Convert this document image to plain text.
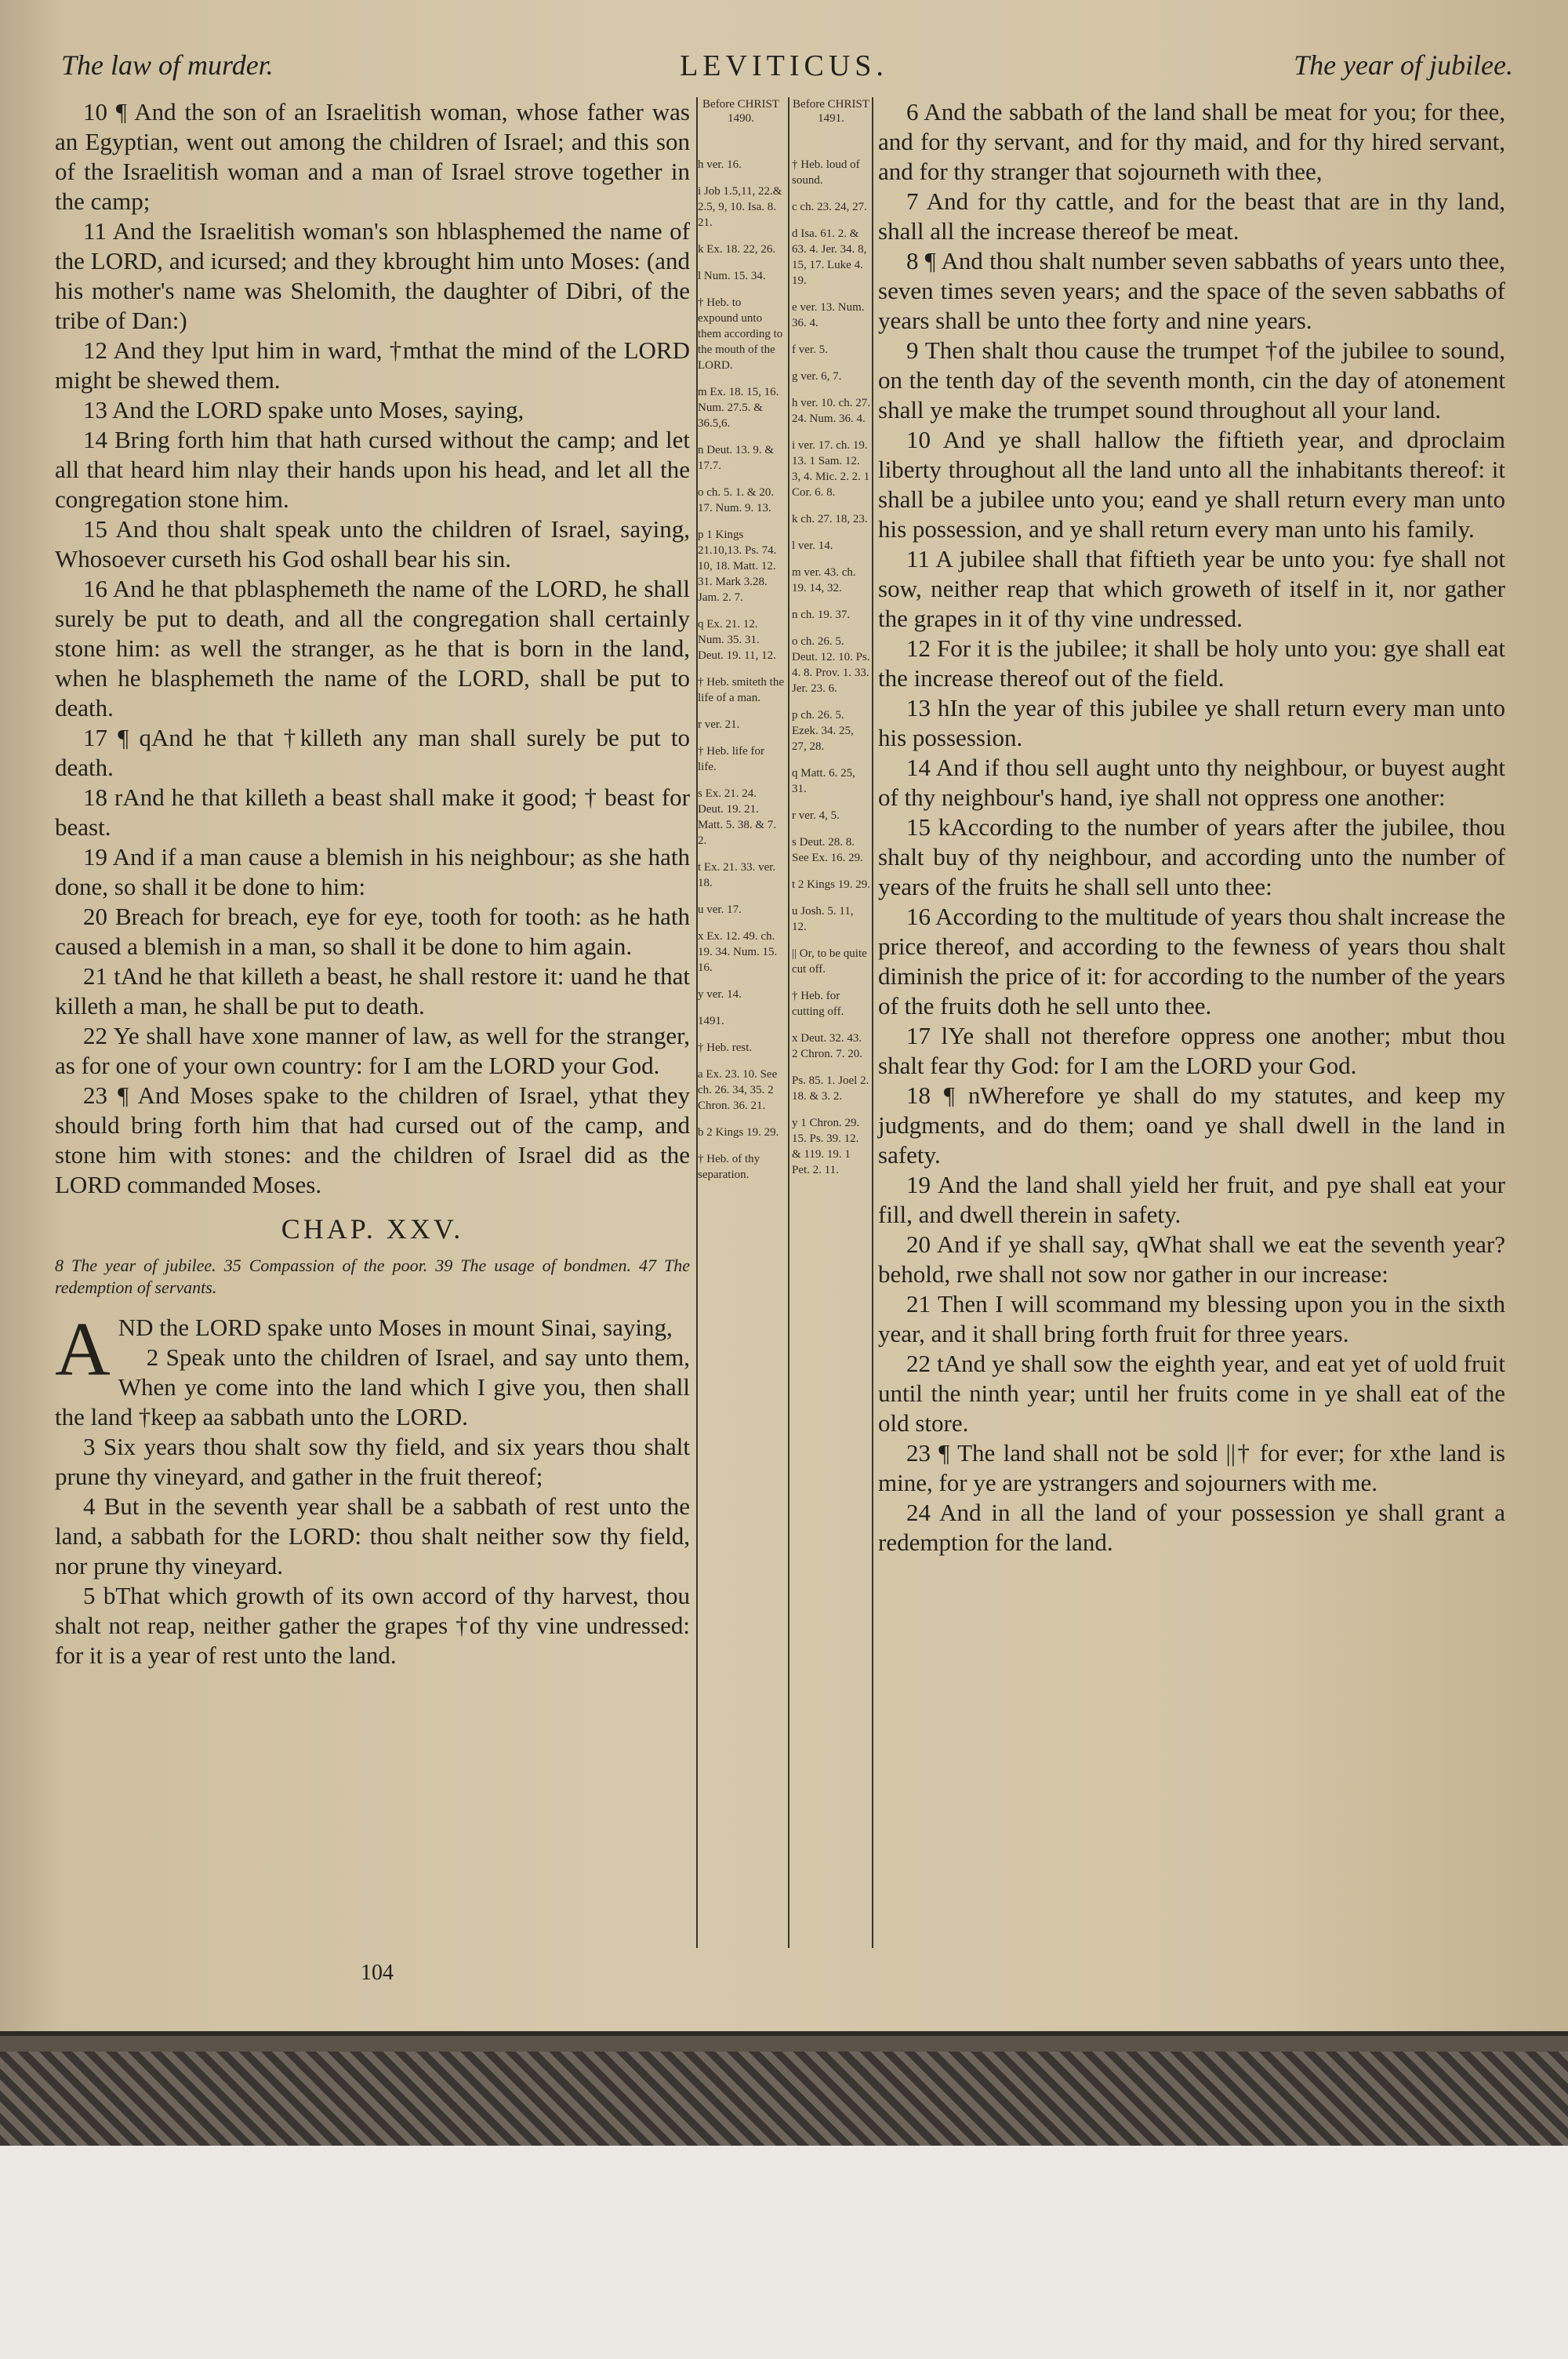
The law of murder.	LEVITICUS.	The year of jubilee.

10 ¶ And the son of an Israelitish woman, whose father was an Egyptian, went out among the children of Israel; and this son of the Israelitish woman and a man of Israel strove together in the camp;

11 And the Israelitish woman's son hblasphemed the name of the LORD, and icursed; and they kbrought him unto Moses: (and his mother's name was Shelomith, the daughter of Dibri, of the tribe of Dan:)

12 And they lput him in ward, †mthat the mind of the LORD might be shewed them.

13 And the LORD spake unto Moses, saying,

14 Bring forth him that hath cursed without the camp; and let all that heard him nlay their hands upon his head, and let all the congregation stone him.

15 And thou shalt speak unto the children of Israel, saying, Whosoever curseth his God oshall bear his sin.

16 And he that pblasphemeth the name of the LORD, he shall surely be put to death, and all the congregation shall certainly stone him: as well the stranger, as he that is born in the land, when he blasphemeth the name of the LORD, shall be put to death.

17 ¶ qAnd he that †killeth any man shall surely be put to death.

18 rAnd he that killeth a beast shall make it good; † beast for beast.

19 And if a man cause a blemish in his neighbour; as she hath done, so shall it be done to him:

20 Breach for breach, eye for eye, tooth for tooth: as he hath caused a blemish in a man, so shall it be done to him again.

21 tAnd he that killeth a beast, he shall restore it: uand he that killeth a man, he shall be put to death.

22 Ye shall have xone manner of law, as well for the stranger, as for one of your own country: for I am the LORD your God.

23 ¶ And Moses spake to the children of Israel, ythat they should bring forth him that had cursed out of the camp, and stone him with stones: and the children of Israel did as the LORD commanded Moses.

CHAP. XXV.
8 The year of jubilee. 35 Compassion of the poor. 39 The usage of bondmen. 47 The redemption of servants.

AND the LORD spake unto Moses in mount Sinai, saying,

2 Speak unto the children of Israel, and say unto them, When ye come into the land which I give you, then shall the land †keep aa sabbath unto the LORD.

3 Six years thou shalt sow thy field, and six years thou shalt prune thy vineyard, and gather in the fruit thereof;

4 But in the seventh year shall be a sabbath of rest unto the land, a sabbath for the LORD: thou shalt neither sow thy field, nor prune thy vineyard.

5 bThat which growth of its own accord of thy harvest, thou shalt not reap, neither gather the grapes †of thy vine undressed: for it is a year of rest unto the land.

Before CHRIST 1490.
h ver. 16.
i Job 1.5,11, 22.& 2.5, 9, 10. Isa. 8. 21.
k Ex. 18. 22, 26.
l Num. 15. 34.
† Heb. to expound unto them according to the mouth of the LORD.
m Ex. 18. 15, 16. Num. 27.5. & 36.5,6.
n Deut. 13. 9. & 17.7.
o ch. 5. 1. & 20. 17. Num. 9. 13.
p 1 Kings 21.10,13. Ps. 74. 10, 18. Matt. 12. 31. Mark 3.28. Jam. 2. 7.
q Ex. 21. 12. Num. 35. 31. Deut. 19. 11, 12.
† Heb. smiteth the life of a man.
r ver. 21.
† Heb. life for life.
s Ex. 21. 24. Deut. 19. 21. Matt. 5. 38. & 7. 2.
t Ex. 21. 33. ver. 18.
u ver. 17.
x Ex. 12. 49. ch. 19. 34. Num. 15. 16.
y ver. 14.
1491.
† Heb. rest.
a Ex. 23. 10. See ch. 26. 34, 35. 2 Chron. 36. 21.
b 2 Kings 19. 29.
† Heb. of thy separation.
Before CHRIST 1491.
† Heb. loud of sound.
c ch. 23. 24, 27.
d Isa. 61. 2. & 63. 4. Jer. 34. 8, 15, 17. Luke 4. 19.
e ver. 13. Num. 36. 4.
f ver. 5.
g ver. 6, 7.
h ver. 10. ch. 27. 24. Num. 36. 4.
i ver. 17. ch. 19. 13. 1 Sam. 12. 3, 4. Mic. 2. 2. 1 Cor. 6. 8.
k ch. 27. 18, 23.
l ver. 14.
m ver. 43. ch. 19. 14, 32.
n ch. 19. 37.
o ch. 26. 5. Deut. 12. 10. Ps. 4. 8. Prov. 1. 33. Jer. 23. 6.
p ch. 26. 5. Ezek. 34. 25, 27, 28.
q Matt. 6. 25, 31.
r ver. 4, 5.
s Deut. 28. 8. See Ex. 16. 29.
t 2 Kings 19. 29.
u Josh. 5. 11, 12.
|| Or, to be quite cut off.
† Heb. for cutting off.
x Deut. 32. 43. 2 Chron. 7. 20.
Ps. 85. 1. Joel 2. 18. & 3. 2.
y 1 Chron. 29. 15. Ps. 39. 12. & 119. 19. 1 Pet. 2. 11.

6 And the sabbath of the land shall be meat for you; for thee, and for thy servant, and for thy maid, and for thy hired servant, and for thy stranger that sojourneth with thee,

7 And for thy cattle, and for the beast that are in thy land, shall all the increase thereof be meat.

8 ¶ And thou shalt number seven sabbaths of years unto thee, seven times seven years; and the space of the seven sabbaths of years shall be unto thee forty and nine years.

9 Then shalt thou cause the trumpet †of the jubilee to sound, on the tenth day of the seventh month, cin the day of atonement shall ye make the trumpet sound throughout all your land.

10 And ye shall hallow the fiftieth year, and dproclaim liberty throughout all the land unto all the inhabitants thereof: it shall be a jubilee unto you; eand ye shall return every man unto his possession, and ye shall return every man unto his family.

11 A jubilee shall that fiftieth year be unto you: fye shall not sow, neither reap that which groweth of itself in it, nor gather the grapes in it of thy vine undressed.

12 For it is the jubilee; it shall be holy unto you: gye shall eat the increase thereof out of the field.

13 hIn the year of this jubilee ye shall return every man unto his possession.

14 And if thou sell aught unto thy neighbour, or buyest aught of thy neighbour's hand, iye shall not oppress one another:

15 kAccording to the number of years after the jubilee, thou shalt buy of thy neighbour, and according unto the number of years of the fruits he shall sell unto thee:

16 According to the multitude of years thou shalt increase the price thereof, and according to the fewness of years thou shalt diminish the price of it: for according to the number of the years of the fruits doth he sell unto thee.

17 lYe shall not therefore oppress one another; mbut thou shalt fear thy God: for I am the LORD your God.

18 ¶ nWherefore ye shall do my statutes, and keep my judgments, and do them; oand ye shall dwell in the land in safety.

19 And the land shall yield her fruit, and pye shall eat your fill, and dwell therein in safety.

20 And if ye shall say, qWhat shall we eat the seventh year? behold, rwe shall not sow nor gather in our increase:

21 Then I will scommand my blessing upon you in the sixth year, and it shall bring forth fruit for three years.

22 tAnd ye shall sow the eighth year, and eat yet of uold fruit until the ninth year; until her fruits come in ye shall eat of the old store.

23 ¶ The land shall not be sold ||† for ever; for xthe land is mine, for ye are ystrangers and sojourners with me.

24 And in all the land of your possession ye shall grant a redemption for the land.

104
